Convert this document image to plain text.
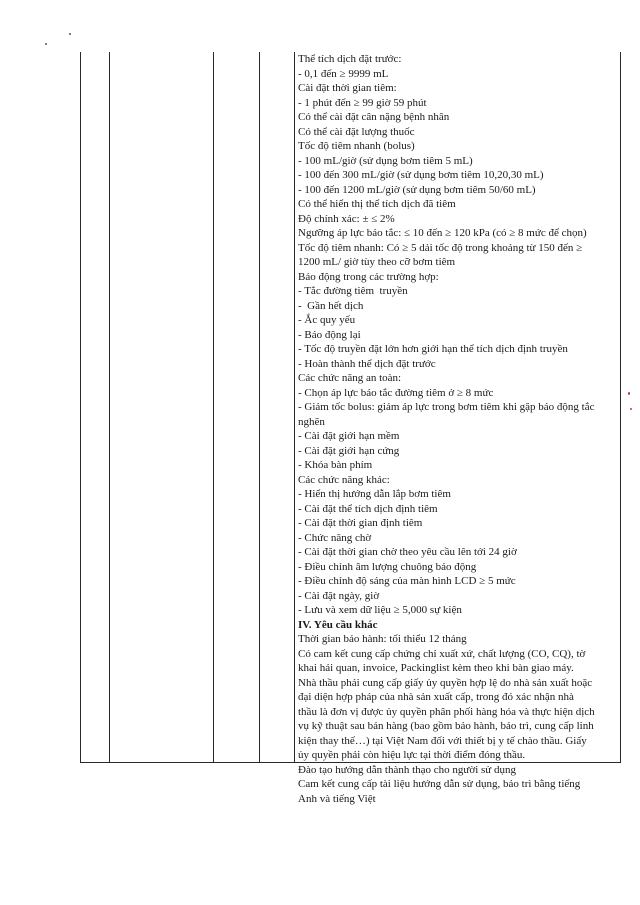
Thể tích dịch đặt trước:
- 0,1 đến ≥ 9999 mL
Cài đặt thời gian tiêm:
- 1 phút đến ≥ 99 giờ 59 phút
Có thể cài đặt cân nặng bệnh nhân
Có thể cài đặt lượng thuốc
Tốc độ tiêm nhanh (bolus)
- 100 mL/giờ (sử dụng bơm tiêm 5 mL)
- 100 đến 300 mL/giờ (sử dụng bơm tiêm 10,20,30 mL)
- 100 đến 1200 mL/giờ (sử dụng bơm tiêm 50/60 mL)
Có thể hiển thị thể tích dịch đã tiêm
Độ chính xác: ± ≤ 2%
Ngưỡng áp lực báo tắc: ≤ 10 đến ≥ 120 kPa (có ≥ 8 mức để chọn)
Tốc độ tiêm nhanh: Có ≥ 5 dải tốc độ trong khoảng từ 150 đến ≥
1200 mL/ giờ tùy theo cỡ bơm tiêm
Báo động trong các trường hợp:
- Tắc đường tiêm  truyền
-  Gần hết dịch
- Ắc quy yếu
- Báo động lại
- Tốc độ truyền đặt lớn hơn giới hạn thể tích dịch định truyền
- Hoàn thành thể dịch đặt trước
Các chức năng an toàn:
- Chọn áp lực báo tắc đường tiêm ở ≥ 8 mức
- Giảm tốc bolus: giảm áp lực trong bơm tiêm khi gặp báo động tắc
nghẽn
- Cài đặt giới hạn mềm
- Cài đặt giới hạn cứng
- Khóa bàn phím
Các chức năng khác:
- Hiển thị hướng dẫn lắp bơm tiêm
- Cài đặt thể tích dịch định tiêm
- Cài đặt thời gian định tiêm
- Chức năng chờ
- Cài đặt thời gian chờ theo yêu cầu lên tới 24 giờ
- Điều chỉnh âm lượng chuông báo động
- Điều chỉnh độ sáng của màn hình LCD ≥ 5 mức
- Cài đặt ngày, giờ
- Lưu và xem dữ liệu ≥ 5,000 sự kiện
IV. Yêu cầu khác
Thời gian bảo hành: tối thiểu 12 tháng
Có cam kết cung cấp chứng chỉ xuất xứ, chất lượng (CO, CQ), tờ
khai hải quan, invoice, Packinglist kèm theo khi bàn giao máy.
Nhà thầu phải cung cấp giấy ủy quyền hợp lệ do nhà sản xuất hoặc
đại diện hợp pháp của nhà sản xuất cấp, trong đó xác nhận nhà
thầu là đơn vị được ủy quyền phân phối hàng hóa và thực hiện dịch
vụ kỹ thuật sau bán hàng (bao gồm bảo hành, bảo trì, cung cấp linh
kiện thay thế…) tại Việt Nam đối với thiết bị y tế chào thầu. Giấy
ủy quyền phải còn hiệu lực tại thời điểm đóng thầu.
Đào tạo hướng dẫn thành thạo cho người sử dụng
Cam kết cung cấp tài liệu hướng dẫn sử dụng, bảo trì bằng tiếng
Anh và tiếng Việt
